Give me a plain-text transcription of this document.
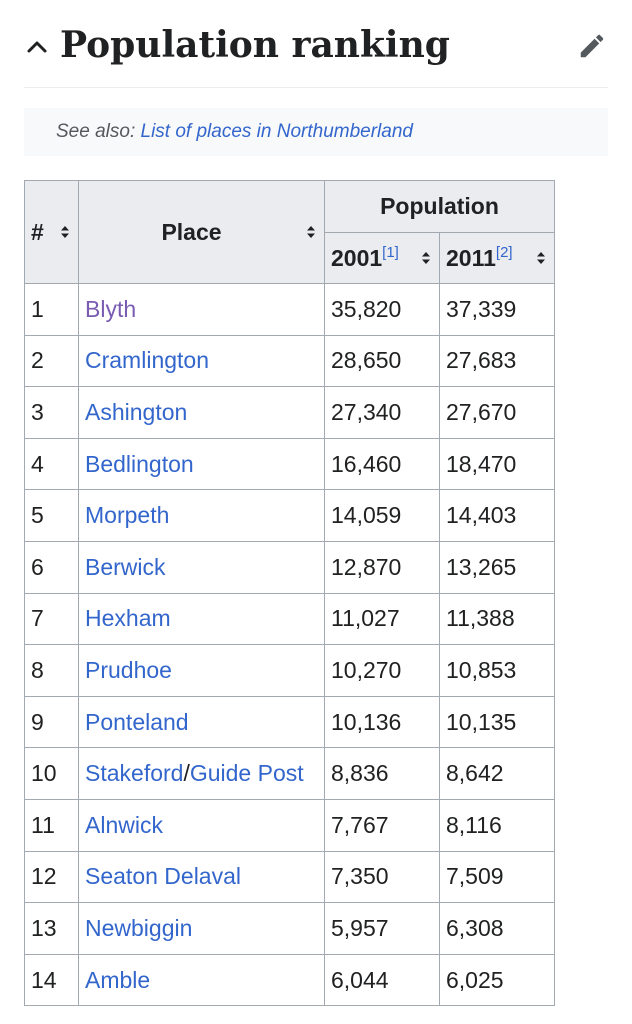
Population ranking
See also: List of places in Northumberland
#	Place	Population	
		2001[1]	2011[2]

1	Blyth	35,820	37,339
2	Cramlington	28,650	27,683
3	Ashington	27,340	27,670
4	Bedlington	16,460	18,470
5	Morpeth	14,059	14,403
6	Berwick	12,870	13,265
7	Hexham	11,027	11,388
8	Prudhoe	10,270	10,853
9	Ponteland	10,136	10,135
10	Stakeford/Guide Post	8,836	8,642
11	Alnwick	7,767	8,116
12	Seaton Delaval	7,350	7,509
13	Newbiggin	5,957	6,308
14	Amble	6,044	6,025
